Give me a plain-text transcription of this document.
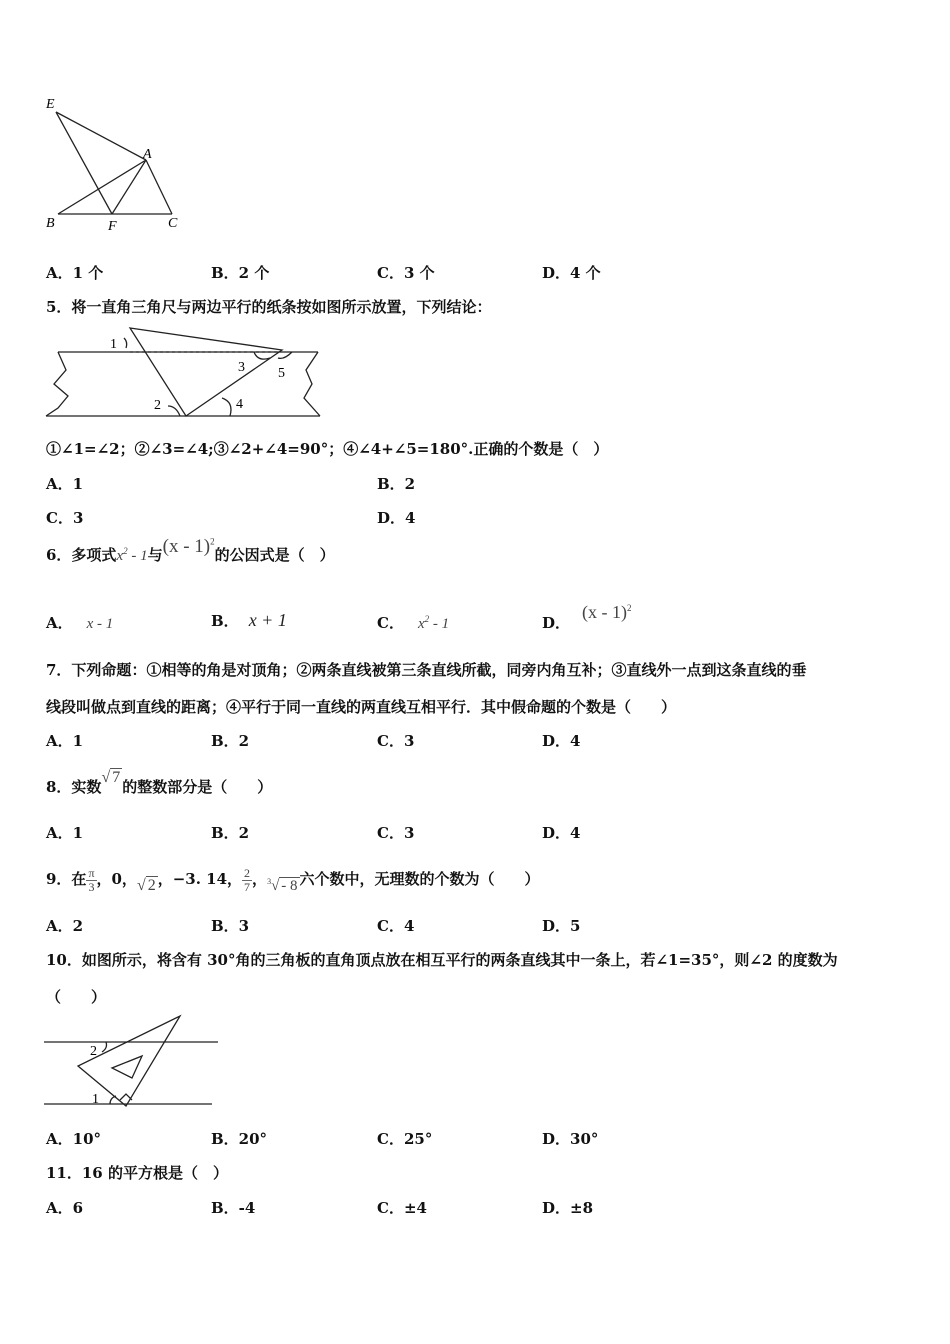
E
A
B	F	C
A．1 个	B．2 个	C．3 个	D．4 个
5．将一直角三角尺与两边平行的纸条按如图所示放置，下列结论：
1
2
3
4
5
①∠1=∠2；②∠3=∠4;③∠2+∠4=90°；④∠4+∠5=180°.正确的个数是（　）
A．1	B．2
C．3	D．4
6．多项式$x^2 - 1$与(x - 1)$^2$的公因式是（　）
A． x - 1	B． x + 1	C． $x^2 - 1$	D．(x - 1)$^2$
7．下列命题：①相等的角是对顶角；②两条直线被第三条直线所截，同旁内角互补；③直线外一点到这条直线的垂
线段叫做点到直线的距离；④平行于同一直线的两直线互相平行．其中假命题的个数是（　　）
A．1	B．2	C．3	D．4
8．实数√ 7的整数部分是（　　）
A．1	B．2	C．3	D．4
9．在 $\frac{\pi}{3}$ ，0，√ 2 ，−3. 14， $\frac{2}{7}$ ，$^3$√ - 8 六个数中，无理数的个数为（　　）
A．2	B．3	C．4	D．5
10．如图所示，将含有 30°角的三角板的直角顶点放在相互平行的两条直线其中一条上，若∠1=35°，则∠2 的度数为
（　　）
2
1
A．10°	B．20°	C．25°	D．30°
11．16 的平方根是（　）
A．6	B．-4	C．±4	D．±8
